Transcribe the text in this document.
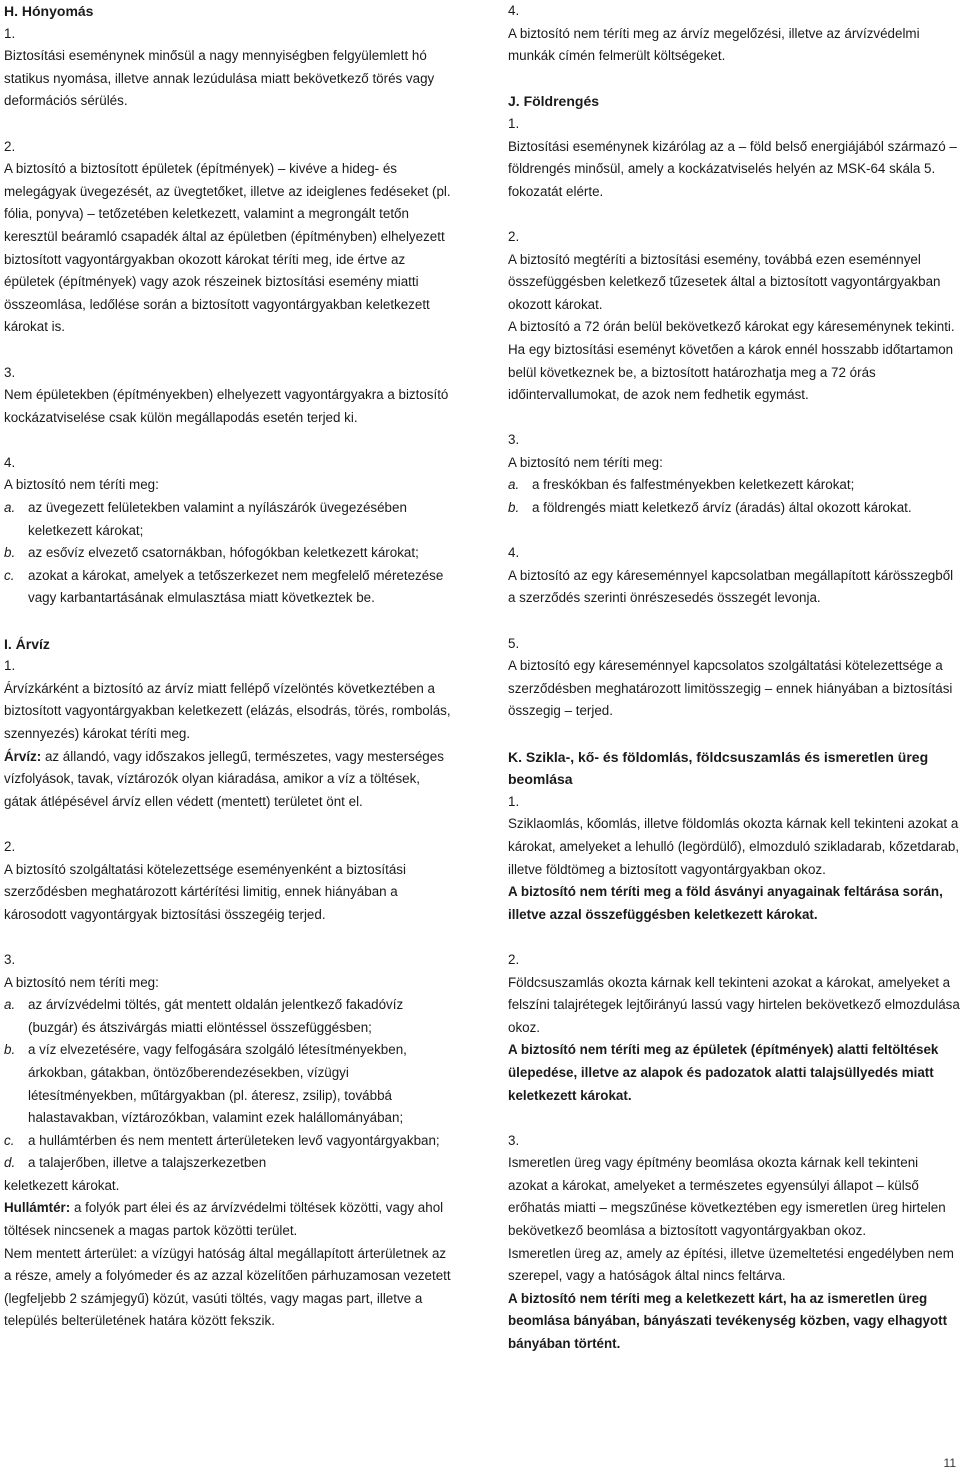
H. Hónyomás

1.

Biztosítási eseménynek minősül a nagy mennyiségben felgyülemlett hó statikus nyomása, illetve annak lezúdulása miatt bekövetkező törés vagy deformációs sérülés.

2.

A biztosító a biztosított épületek (építmények) – kivéve a hideg- és melegágyak üvegezését, az üvegtetőket, illetve az ideiglenes fedéseket (pl. fólia, ponyva) – tetőzetében keletkezett, valamint a megrongált tetőn keresztül beáramló csapadék által az épületben (építményben) elhelyezett biztosított vagyontárgyakban okozott károkat téríti meg, ide értve az épületek (építmények) vagy azok részeinek biztosítási esemény miatti összeomlása, ledőlése során a biztosított vagyontárgyakban keletkezett károkat is.

3.

Nem épületekben (építményekben) elhelyezett vagyontárgyakra a biztosító kockázatviselése csak külön megállapodás esetén terjed ki.

4.

A biztosító nem téríti meg:

a. az üvegezett felületekben valamint a nyílászárók üvegezésében keletkezett károkat;
b. az esővíz elvezető csatornákban, hófogókban keletkezett károkat;
c.	azokat a károkat, amelyek a tetőszerkezet nem megfelelő méretezése vagy karbantartásának elmulasztása miatt következtek be.

I. Árvíz

1.

Árvízkárként a biztosító az árvíz miatt fellépő vízelöntés következtében a biztosított vagyontárgyakban keletkezett (elázás, elsodrás, törés, rombolás, szennyezés) károkat téríti meg.

Árvíz: az állandó, vagy időszakos jellegű, természetes, vagy mesterséges vízfolyások, tavak, víztározók olyan kiáradása, amikor a víz a töltések, gátak átlépésével árvíz ellen védett (mentett) területet önt el.

2.

A biztosító szolgáltatási kötelezettsége eseményenként a biztosítási szerződésben meghatározott kártérítési limitig, ennek hiányában a károsodott vagyontárgyak biztosítási összegéig terjed.

3.

A biztosító nem téríti meg:

a. az árvízvédelmi töltés, gát mentett oldalán jelentkező fakadóvíz (buzgár) és átszivárgás miatti elöntéssel összefüggésben;
b. a víz elvezetésére, vagy felfogására szolgáló létesítményekben, árkokban, gátakban, öntözőberendezésekben, vízügyi létesítményekben, műtárgyakban (pl. áteresz, zsilip), továbbá halastavakban, víztározókban, valamint ezek halállományában;
c.	a hullámtérben és nem mentett árterületeken levő vagyontárgyakban;
d. a talajerőben, illetve a talajszerkezetben

keletkezett károkat.

Hullámtér: a folyók part élei és az árvízvédelmi töltések közötti, vagy ahol töltések nincsenek a magas partok közötti terület.

Nem mentett árterület: a vízügyi hatóság által megállapított árterületnek az a része, amely a folyómeder és az azzal közelítően párhuzamosan vezetett (legfeljebb 2 számjegyű) közút, vasúti töltés, vagy magas part, illetve a település belterületének határa között fekszik.

4.

A biztosító nem téríti meg az árvíz megelőzési, illetve az árvízvédelmi munkák címén felmerült költségeket.

J. Földrengés

1.

Biztosítási eseménynek kizárólag az a – föld belső energiájából származó – földrengés minősül, amely a kockázatviselés helyén az MSK-64 skála 5. fokozatát elérte.

2.

A biztosító megtéríti a biztosítási esemény, továbbá ezen eseménnyel összefüggésben keletkező tűzesetek által a biztosított vagyontárgyakban okozott károkat.

A biztosító a 72 órán belül bekövetkező károkat egy káreseménynek tekinti. Ha egy biztosítási eseményt követően a károk ennél hosszabb időtartamon belül következnek be, a biztosított határozhatja meg a 72 órás időintervallumokat, de azok nem fedhetik egymást.

3.

A biztosító nem téríti meg:

a. a freskókban és falfestményekben keletkezett károkat;
b. a földrengés miatt keletkező árvíz (áradás) által okozott károkat.

4.

A biztosító az egy káreseménnyel kapcsolatban megállapított kárösszegből a szerződés szerinti önrészesedés összegét levonja.

5.

A biztosító egy káreseménnyel kapcsolatos szolgáltatási kötelezettsége a szerződésben meghatározott limitösszegig – ennek hiányában a biztosítási összegig – terjed.

K. Szikla-, kő- és földomlás, földcsuszamlás és ismeretlen üreg beomlása

1.

Sziklaomlás, kőomlás, illetve földomlás okozta kárnak kell tekinteni azokat a károkat, amelyeket a lehulló (legördülő), elmozduló szikladarab, kőzetdarab, illetve földtömeg a biztosított vagyontárgyakban okoz.

A biztosító nem téríti meg a föld ásványi anyagainak feltárása során, illetve azzal összefüggésben keletkezett károkat.

2.

Földcsuszamlás okozta kárnak kell tekinteni azokat a károkat, amelyeket a felszíni talajrétegek lejtőirányú lassú vagy hirtelen bekövetkező elmozdulása okoz.

A biztosító nem téríti meg az épületek (építmények) alatti feltöltések ülepedése, illetve az alapok és padozatok alatti talajsüllyedés miatt keletkezett károkat.

3.

Ismeretlen üreg vagy építmény beomlása okozta kárnak kell tekinteni azokat a károkat, amelyeket a természetes egyensúlyi állapot – külső erőhatás miatti – megszűnése következtében egy ismeretlen üreg hirtelen bekövetkező beomlása a biztosított vagyontárgyakban okoz.

Ismeretlen üreg az, amely az építési, illetve üzemeltetési engedélyben nem szerepel, vagy a hatóságok által nincs feltárva.

A biztosító nem téríti meg a keletkezett kárt, ha az ismeretlen üreg beomlása bányában, bányászati tevékenység közben, vagy elhagyott bányában történt.

11
